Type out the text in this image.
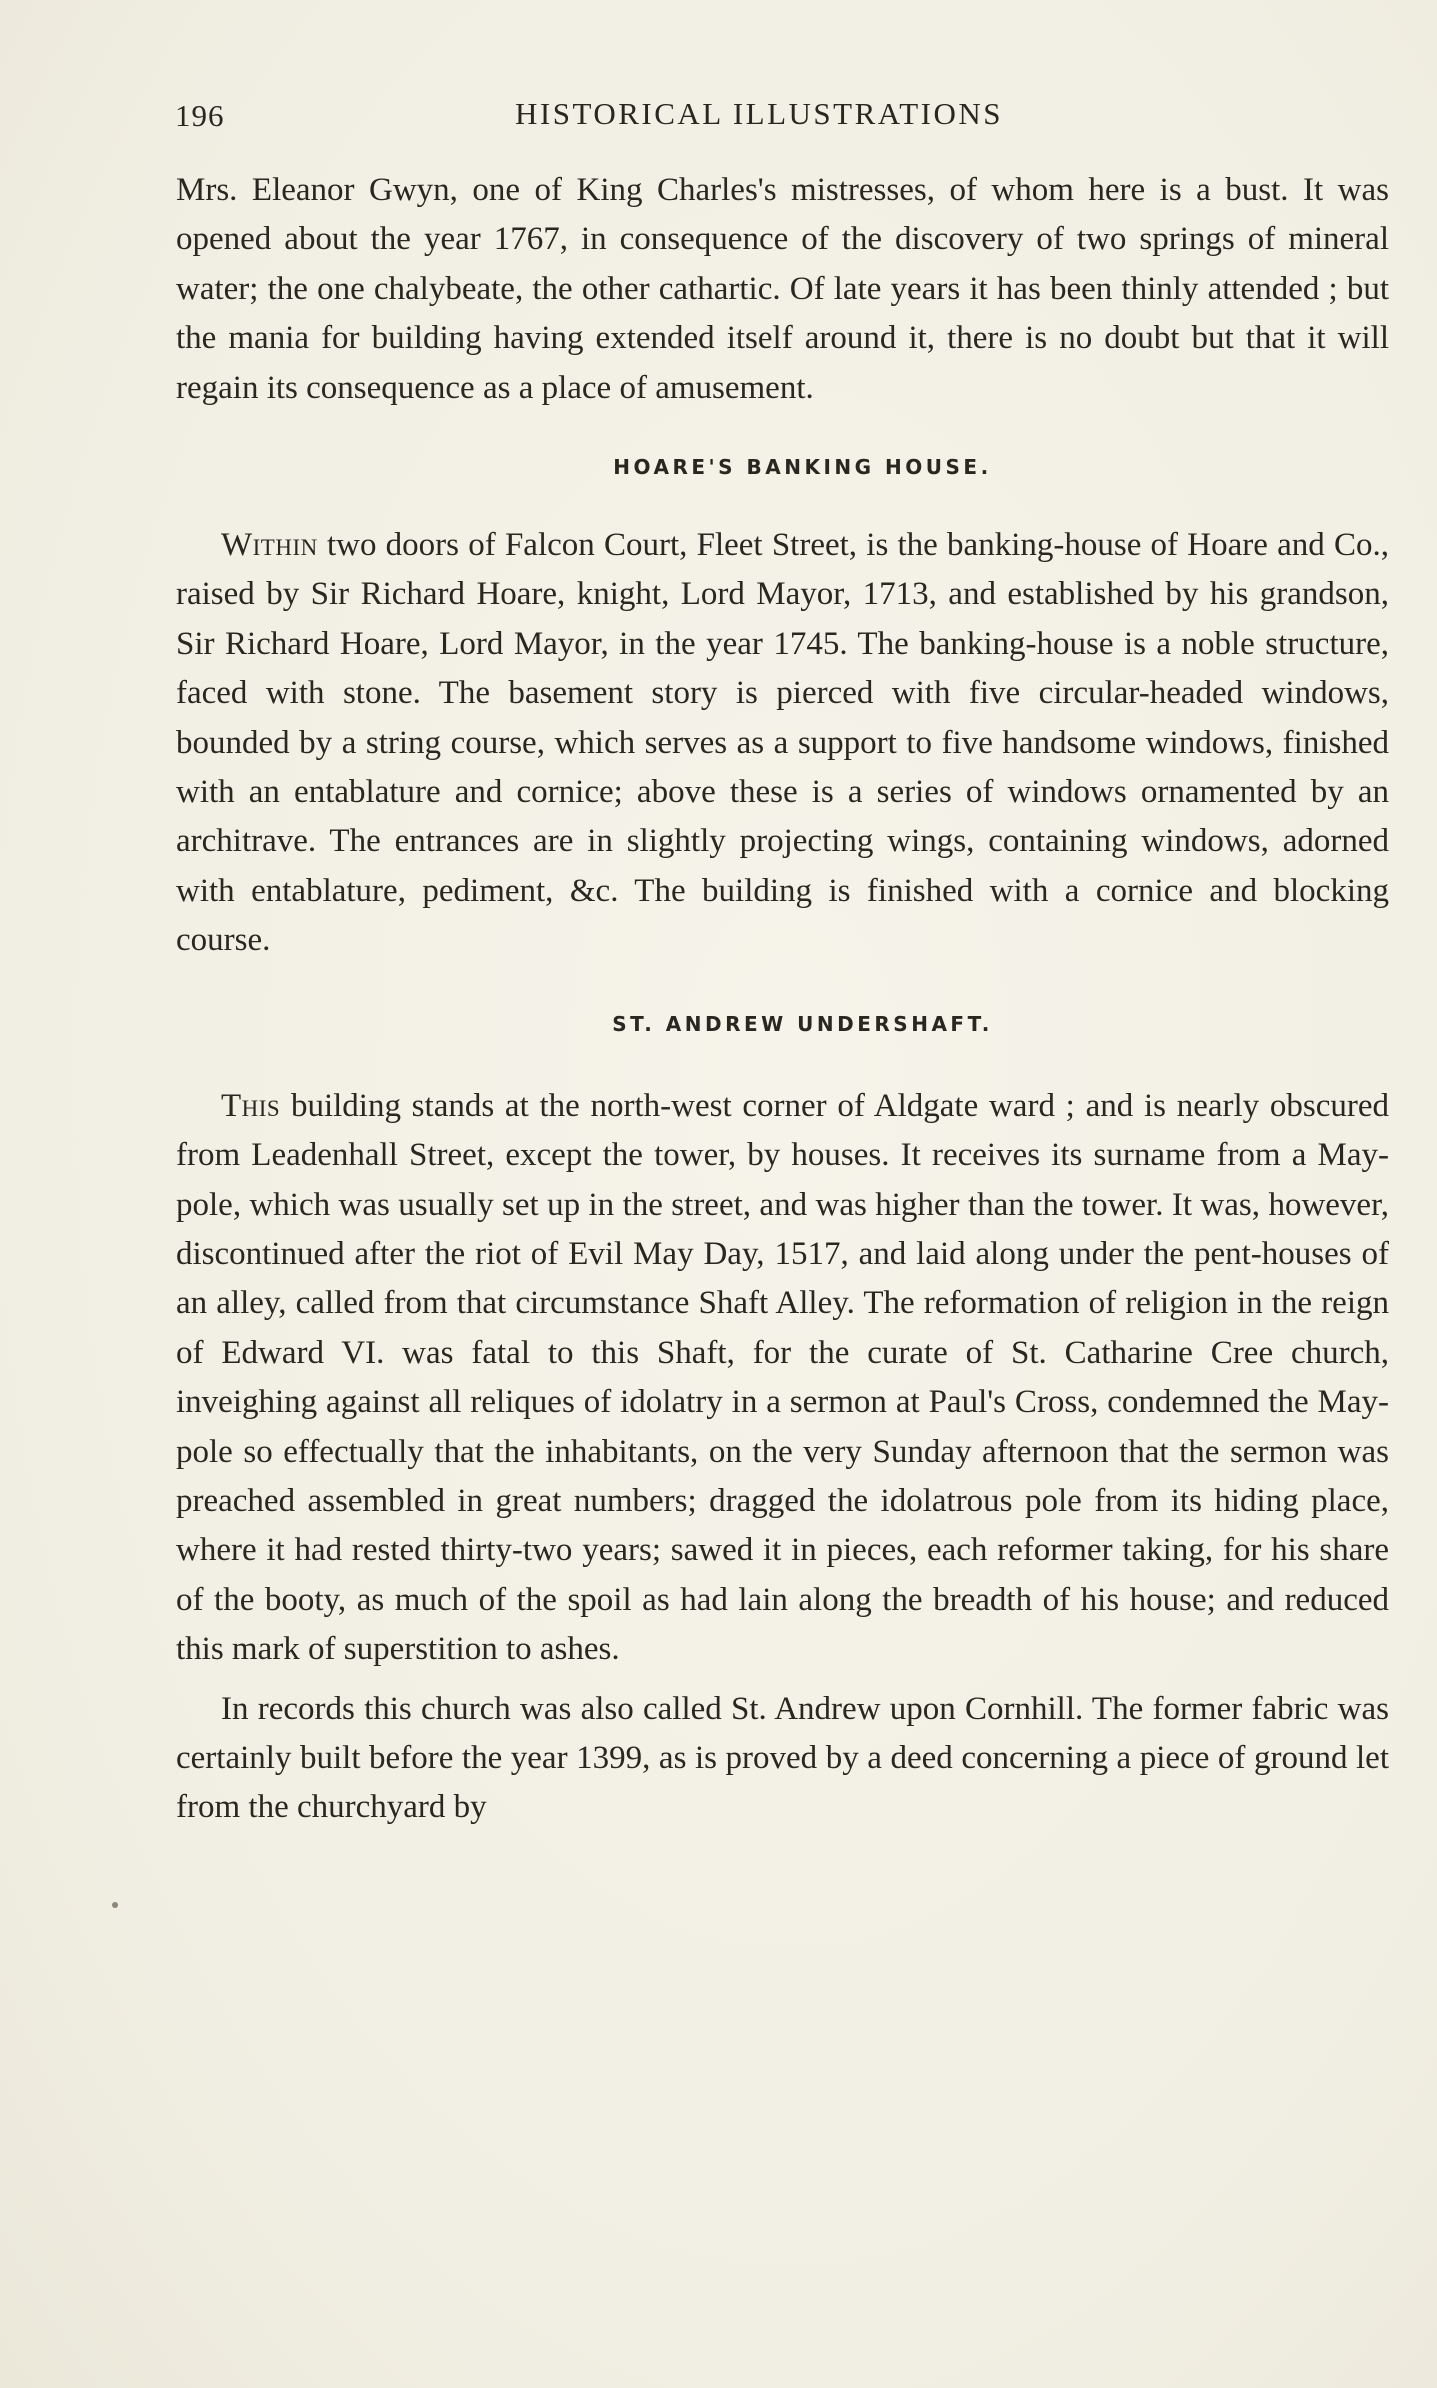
196	HISTORICAL ILLUSTRATIONS

Mrs. Eleanor Gwyn, one of King Charles's mistresses, of whom here is a bust. It was opened about the year 1767, in consequence of the discovery of two springs of mineral water; the one chalybeate, the other cathartic. Of late years it has been thinly attended ; but the mania for building having extended itself around it, there is no doubt but that it will regain its consequence as a place of amusement.

HOARE'S BANKING HOUSE.

Within two doors of Falcon Court, Fleet Street, is the banking-house of Hoare and Co., raised by Sir Richard Hoare, knight, Lord Mayor, 1713, and established by his grandson, Sir Richard Hoare, Lord Mayor, in the year 1745. The banking-house is a noble structure, faced with stone. The basement story is pierced with five circular-headed windows, bounded by a string course, which serves as a support to five handsome windows, finished with an entablature and cornice; above these is a series of windows ornamented by an architrave. The entrances are in slightly projecting wings, containing windows, adorned with entablature, pediment, &c. The building is finished with a cornice and blocking course.

ST. ANDREW UNDERSHAFT.

This building stands at the north-west corner of Aldgate ward ; and is nearly obscured from Leadenhall Street, except the tower, by houses. It receives its surname from a May-pole, which was usually set up in the street, and was higher than the tower. It was, however, discontinued after the riot of Evil May Day, 1517, and laid along under the pent-houses of an alley, called from that circumstance Shaft Alley. The reformation of religion in the reign of Edward VI. was fatal to this Shaft, for the curate of St. Catharine Cree church, inveighing against all reliques of idolatry in a sermon at Paul's Cross, condemned the May-pole so effectually that the inhabitants, on the very Sunday afternoon that the sermon was preached assembled in great numbers; dragged the idolatrous pole from its hiding place, where it had rested thirty-two years; sawed it in pieces, each reformer taking, for his share of the booty, as much of the spoil as had lain along the breadth of his house; and reduced this mark of superstition to ashes.

In records this church was also called St. Andrew upon Cornhill. The former fabric was certainly built before the year 1399, as is proved by a deed concerning a piece of ground let from the churchyard by
